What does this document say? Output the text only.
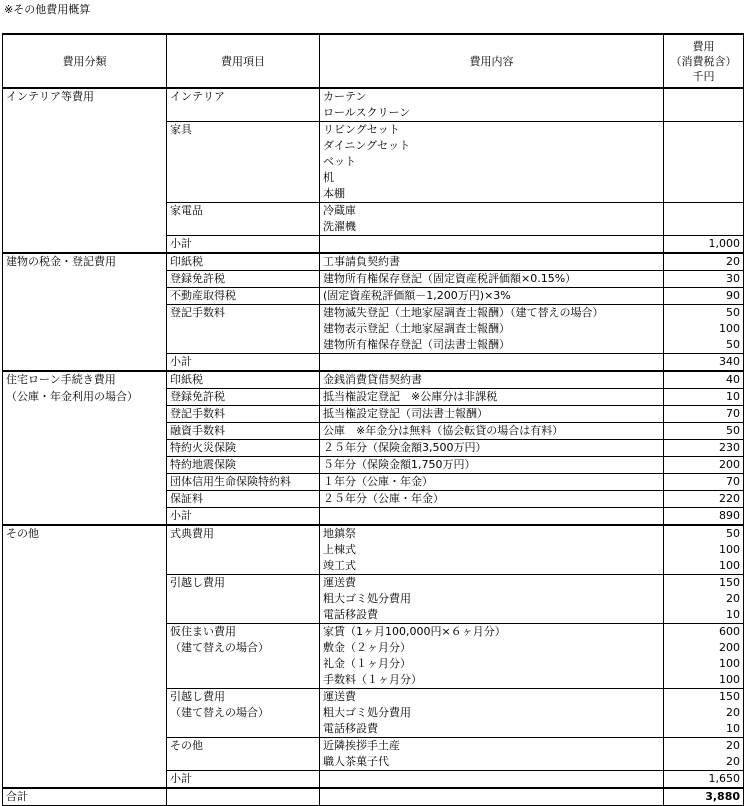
※その他費用概算
費用分類	費用項目	費用内容	費用
（消費税含）
千円

インテリア等費用	インテリア	カーテン	
		ロールスクリーン	
	家具	リビングセット	
		ダイニングセット	
		ベット	
		机	
		本棚	
	家電品	冷蔵庫	
		洗濯機	
	小計		1,000
建物の税金・登記費用	印紙税	工事請負契約書	20
	登録免許税	建物所有権保存登記（固定資産税評価額×0.15%）	30
	不動産取得税	(固定資産税評価額－1,200万円)×3%	90
	登記手数料	建物滅失登記（土地家屋調査士報酬）（建て替えの場合）	50
		建物表示登記（土地家屋調査士報酬）	100
		建物所有権保存登記（司法書士報酬）	50
	小計		340
住宅ローン手続き費用	印紙税	金銭消費貸借契約書	40
（公庫・年金利用の場合）	登録免許税	抵当権設定登記　※公庫分は非課税	10
	登記手数料	抵当権設定登記（司法書士報酬）	70
	融資手数料	公庫　※年金分は無料（協会転貸の場合は有料）	50
	特約火災保険	２５年分（保険金額3,500万円）	230
	特約地震保険	５年分（保険金額1,750万円）	200
	団体信用生命保険特約料	１年分（公庫・年金）	70
	保証料	２５年分（公庫・年金）	220
	小計		890
その他	式典費用	地鎮祭	50
		上棟式	100
		竣工式	100
	引越し費用	運送費	150
		粗大ゴミ処分費用	20
		電話移設費	10
	仮住まい費用	家賃（1ヶ月100,000円×６ヶ月分）	600
	（建て替えの場合）	敷金（２ヶ月分）	200
		礼金（１ヶ月分）	100
		手数料（１ヶ月分）	100
	引越し費用	運送費	150
	（建て替えの場合）	粗大ゴミ処分費用	20
		電話移設費	10
	その他	近隣挨拶手土産	20
		職人茶菓子代	20
	小計		1,650
合計			3,880
